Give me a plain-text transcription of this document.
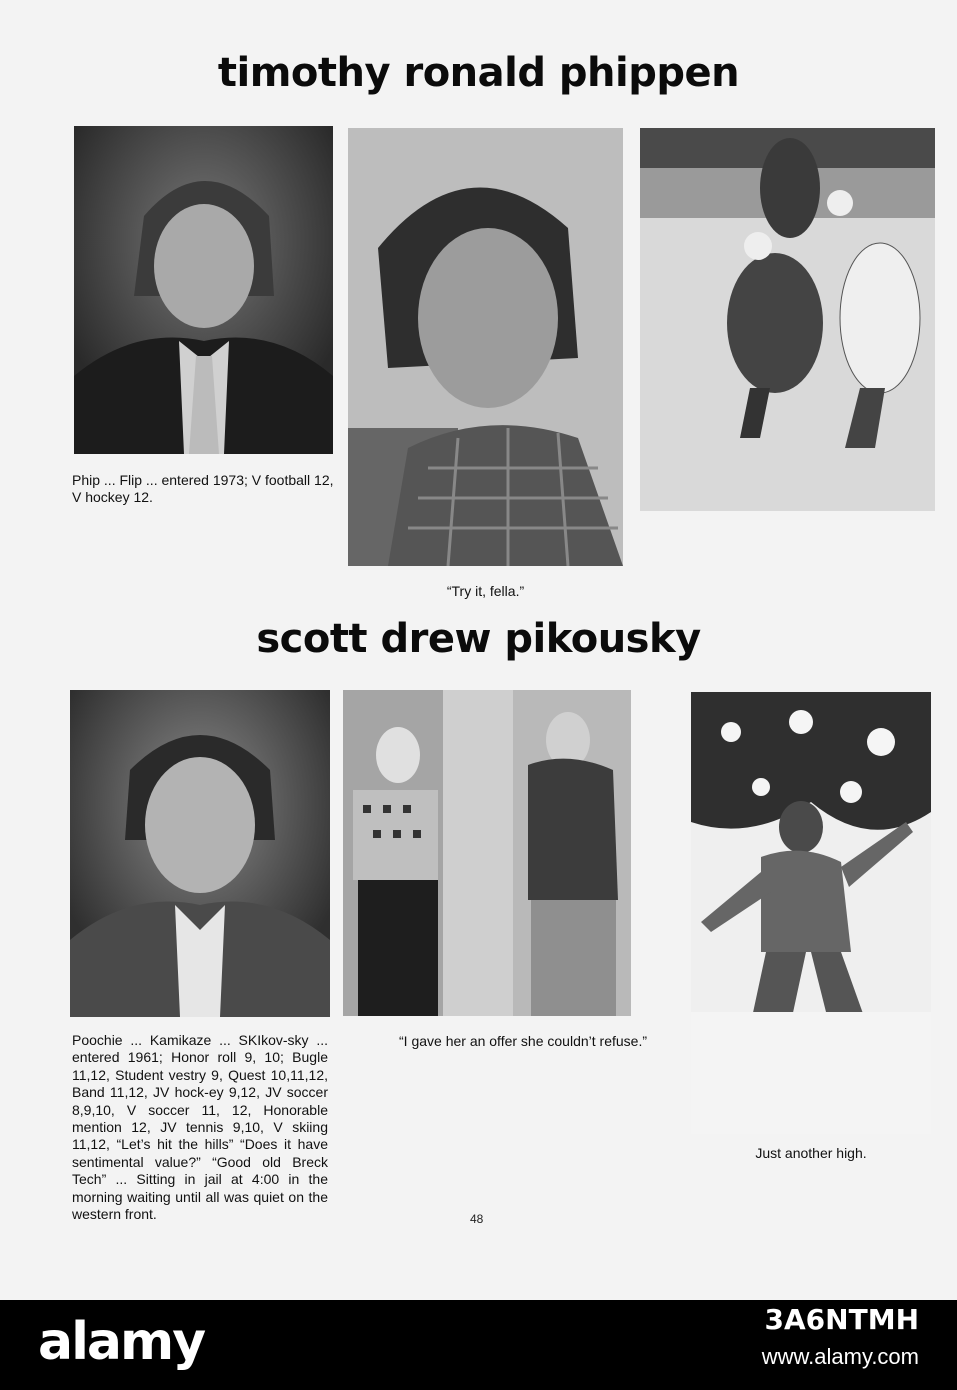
timothy ronald phippen

Phip ... Flip ... entered 1973; V football 12, V hockey 12.

“Try it, fella.”

scott drew pikousky

Poochie ... Kamikaze ... SKIkov-sky ... entered 1961; Honor roll 9, 10; Bugle 11,12, Student vestry 9, Quest 10,11,12, Band 11,12, JV hock-ey 9,12, JV soccer 8,9,10, V soccer 11, 12, Honorable mention 12, JV tennis 9,10, V skiing 11,12, “Let’s hit the hills” “Does it have sentimental value?” “Good old Breck Tech” ... Sitting in jail at 4:00 in the morning waiting until all was quiet on the western front.

“I gave her an offer she couldn’t refuse.”

Just another high.

48
alamy	3A6NTMH
www.alamy.com
